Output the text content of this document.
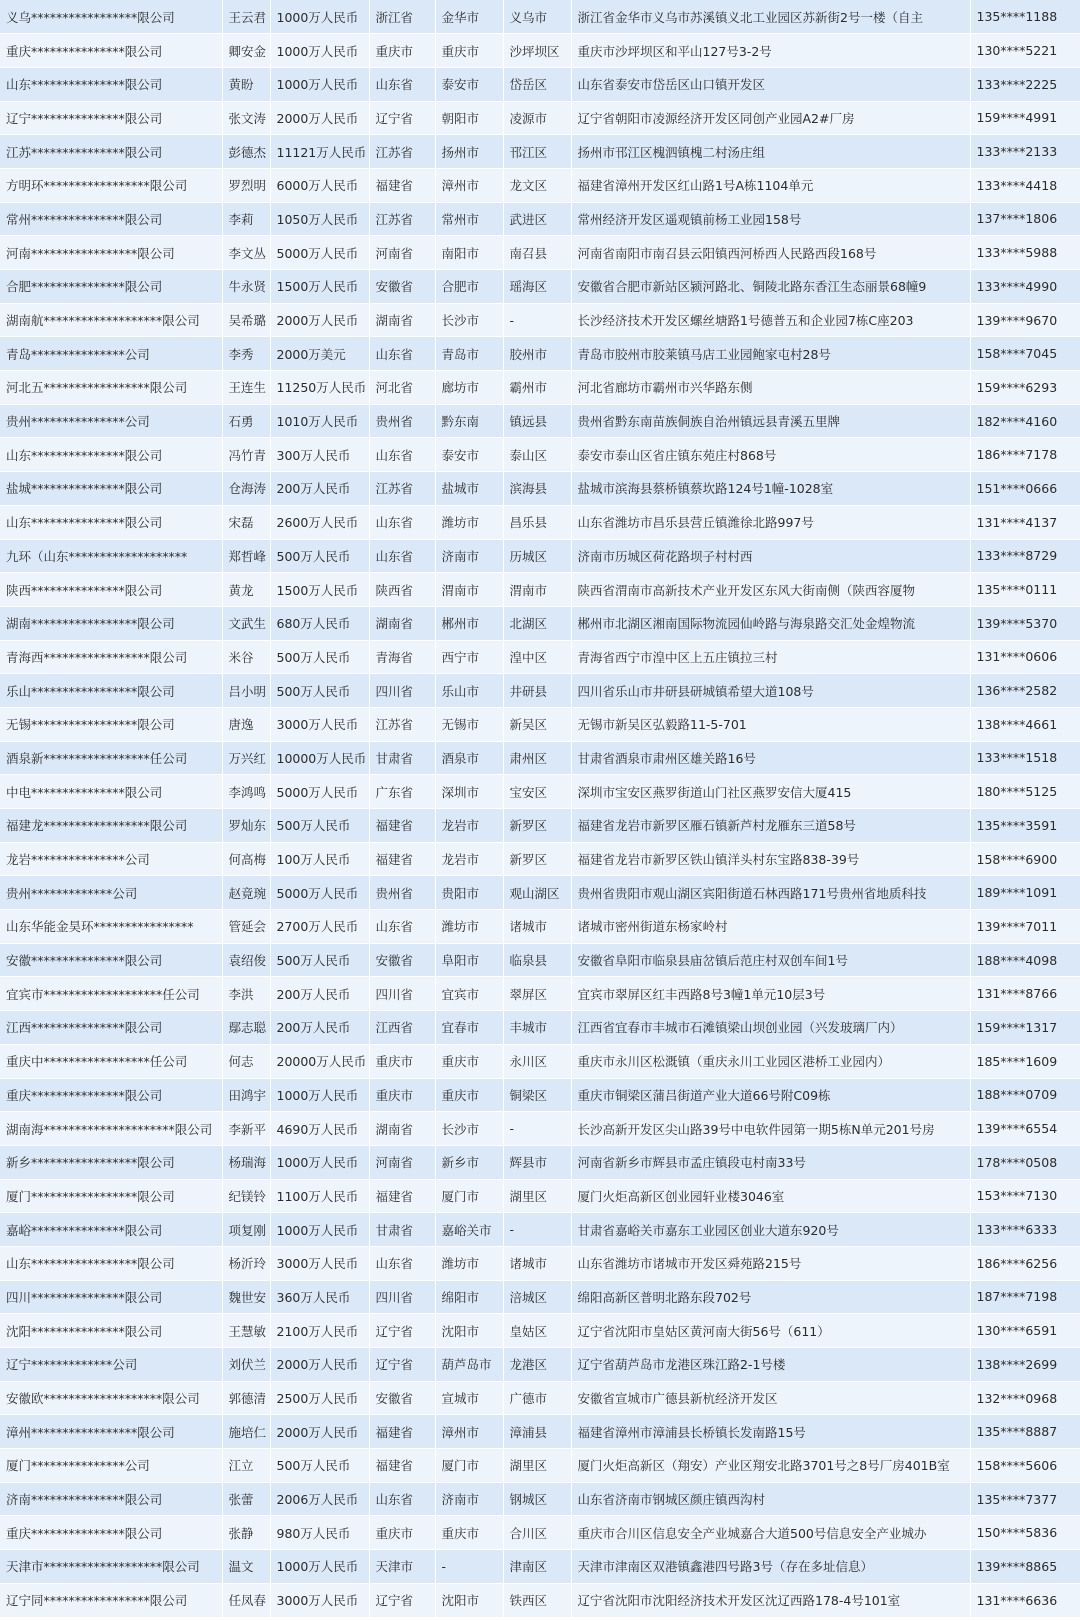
义乌*****************限公司	王云君	1000万人民币	浙江省	金华市	义乌市	浙江省金华市义乌市苏溪镇义北工业园区苏新街2号一楼（自主	135****1188
重庆***************限公司	卿安金	1000万人民币	重庆市	重庆市	沙坪坝区	重庆市沙坪坝区和平山127号3-2号	130****5221
山东***************限公司	黄盼	1000万人民币	山东省	泰安市	岱岳区	山东省泰安市岱岳区山口镇开发区	133****2225
辽宁***************限公司	张文涛	2000万人民币	辽宁省	朝阳市	凌源市	辽宁省朝阳市凌源经济开发区同创产业园A2#厂房	159****4991
江苏***************限公司	彭德杰	11121万人民币	江苏省	扬州市	邗江区	扬州市邗江区槐泗镇槐二村汤庄组	133****2133
方明环*****************限公司	罗烈明	6000万人民币	福建省	漳州市	龙文区	福建省漳州开发区红山路1号A栋1104单元	133****4418
常州***************限公司	李莉	1050万人民币	江苏省	常州市	武进区	常州经济开发区遥观镇前杨工业园158号	137****1806
河南*****************限公司	李文丛	5000万人民币	河南省	南阳市	南召县	河南省南阳市南召县云阳镇西河桥西人民路西段168号	133****5988
合肥***************限公司	牛永贤	1500万人民币	安徽省	合肥市	瑶海区	安徽省合肥市新站区颍河路北、铜陵北路东香江生态丽景68幢9	133****4990
湖南航*******************限公司	吴希璐	2000万人民币	湖南省	长沙市	-	长沙经济技术开发区螺丝塘路1号德普五和企业园7栋C座203	139****9670
青岛***************公司	李秀	2000万美元	山东省	青岛市	胶州市	青岛市胶州市胶莱镇马店工业园鲍家屯村28号	158****7045
河北五*****************限公司	王连生	11250万人民币	河北省	廊坊市	霸州市	河北省廊坊市霸州市兴华路东侧	159****6293
贵州***************公司	石勇	1010万人民币	贵州省	黔东南	镇远县	贵州省黔东南苗族侗族自治州镇远县青溪五里牌	182****4160
山东***************限公司	冯竹青	300万人民币	山东省	泰安市	泰山区	泰安市泰山区省庄镇东苑庄村868号	186****7178
盐城***************限公司	仓海涛	200万人民币	江苏省	盐城市	滨海县	盐城市滨海县蔡桥镇蔡坎路124号1幢-1028室	151****0666
山东***************限公司	宋磊	2600万人民币	山东省	潍坊市	昌乐县	山东省潍坊市昌乐县营丘镇潍徐北路997号	131****4137
九环（山东*******************	郑哲峰	500万人民币	山东省	济南市	历城区	济南市历城区荷花路坝子村村西	133****8729
陕西***************限公司	黄龙	1500万人民币	陕西省	渭南市	渭南市	陕西省渭南市高新技术产业开发区东风大街南侧（陕西容厦物	135****0111
湖南*****************限公司	文武生	680万人民币	湖南省	郴州市	北湖区	郴州市北湖区湘南国际物流园仙岭路与海泉路交汇处金煌物流	139****5370
青海西*****************限公司	米谷	500万人民币	青海省	西宁市	湟中区	青海省西宁市湟中区上五庄镇拉三村	131****0606
乐山*****************限公司	吕小明	500万人民币	四川省	乐山市	井研县	四川省乐山市井研县研城镇希望大道108号	136****2582
无锡*****************限公司	唐逸	3000万人民币	江苏省	无锡市	新吴区	无锡市新吴区弘毅路11-5-701	138****4661
酒泉新*****************任公司	万兴红	10000万人民币	甘肃省	酒泉市	肃州区	甘肃省酒泉市肃州区雄关路16号	133****1518
中电***************限公司	李鸿鸣	5000万人民币	广东省	深圳市	宝安区	深圳市宝安区燕罗街道山门社区燕罗安信大厦415	180****5125
福建龙*****************限公司	罗灿东	500万人民币	福建省	龙岩市	新罗区	福建省龙岩市新罗区雁石镇新芦村龙雁东三道58号	135****3591
龙岩***************公司	何高梅	100万人民币	福建省	龙岩市	新罗区	福建省龙岩市新罗区铁山镇洋头村东宝路838-39号	158****6900
贵州*************公司	赵竟琬	5000万人民币	贵州省	贵阳市	观山湖区	贵州省贵阳市观山湖区宾阳街道石林西路171号贵州省地质科技	189****1091
山东华能金昊环****************	管延会	2700万人民币	山东省	潍坊市	诸城市	诸城市密州街道东杨家岭村	139****7011
安徽***************限公司	袁绍俊	500万人民币	安徽省	阜阳市	临泉县	安徽省阜阳市临泉县庙岔镇后范庄村双创车间1号	188****4098
宜宾市*******************任公司	李洪	200万人民币	四川省	宜宾市	翠屏区	宜宾市翠屏区红丰西路8号3幢1单元10层3号	131****8766
江西***************限公司	鄢志聪	200万人民币	江西省	宜春市	丰城市	江西省宜春市丰城市石滩镇梁山坝创业园（兴发玻璃厂内）	159****1317
重庆中*****************任公司	何志	20000万人民币	重庆市	重庆市	永川区	重庆市永川区松溉镇（重庆永川工业园区港桥工业园内）	185****1609
重庆***************限公司	田鸿宇	1000万人民币	重庆市	重庆市	铜梁区	重庆市铜梁区蒲吕街道产业大道66号附C09栋	188****0709
湖南海*********************限公司	李新平	4690万人民币	湖南省	长沙市	-	长沙高新开发区尖山路39号中电软件园第一期5栋N单元201号房	139****6554
新乡*****************限公司	杨瑞海	1000万人民币	河南省	新乡市	辉县市	河南省新乡市辉县市孟庄镇段屯村南33号	178****0508
厦门*****************限公司	纪镁铃	1100万人民币	福建省	厦门市	湖里区	厦门火炬高新区创业园轩业楼3046室	153****7130
嘉峪***************限公司	项复刚	1000万人民币	甘肃省	嘉峪关市	-	甘肃省嘉峪关市嘉东工业园区创业大道东920号	133****6333
山东*****************限公司	杨沂玲	3000万人民币	山东省	潍坊市	诸城市	山东省潍坊市诸城市开发区舜苑路215号	186****6256
四川***************限公司	魏世安	360万人民币	四川省	绵阳市	涪城区	绵阳高新区普明北路东段702号	187****7198
沈阳***************限公司	王慧敏	2100万人民币	辽宁省	沈阳市	皇姑区	辽宁省沈阳市皇姑区黄河南大街56号（611）	130****6591
辽宁*************公司	刘伏兰	2000万人民币	辽宁省	葫芦岛市	龙港区	辽宁省葫芦岛市龙港区珠江路2-1号楼	138****2699
安徽欧*******************限公司	郭德清	2500万人民币	安徽省	宣城市	广德市	安徽省宣城市广德县新杭经济开发区	132****0968
漳州*****************限公司	施培仁	2000万人民币	福建省	漳州市	漳浦县	福建省漳州市漳浦县长桥镇长发南路15号	135****8887
厦门***************公司	江立	500万人民币	福建省	厦门市	湖里区	厦门火炬高新区（翔安）产业区翔安北路3701号之8号厂房401B室	158****5606
济南***************限公司	张蕾	2006万人民币	山东省	济南市	钢城区	山东省济南市钢城区颜庄镇西沟村	135****7377
重庆***************限公司	张静	980万人民币	重庆市	重庆市	合川区	重庆市合川区信息安全产业城嘉合大道500号信息安全产业城办	150****5836
天津市*******************限公司	温文	1000万人民币	天津市	-	津南区	天津市津南区双港镇鑫港四号路3号（存在多址信息）	139****8865
辽宁同*****************限公司	任凤春	3000万人民币	辽宁省	沈阳市	铁西区	辽宁省沈阳市沈阳经济技术开发区沈辽西路178-4号101室	131****6636
